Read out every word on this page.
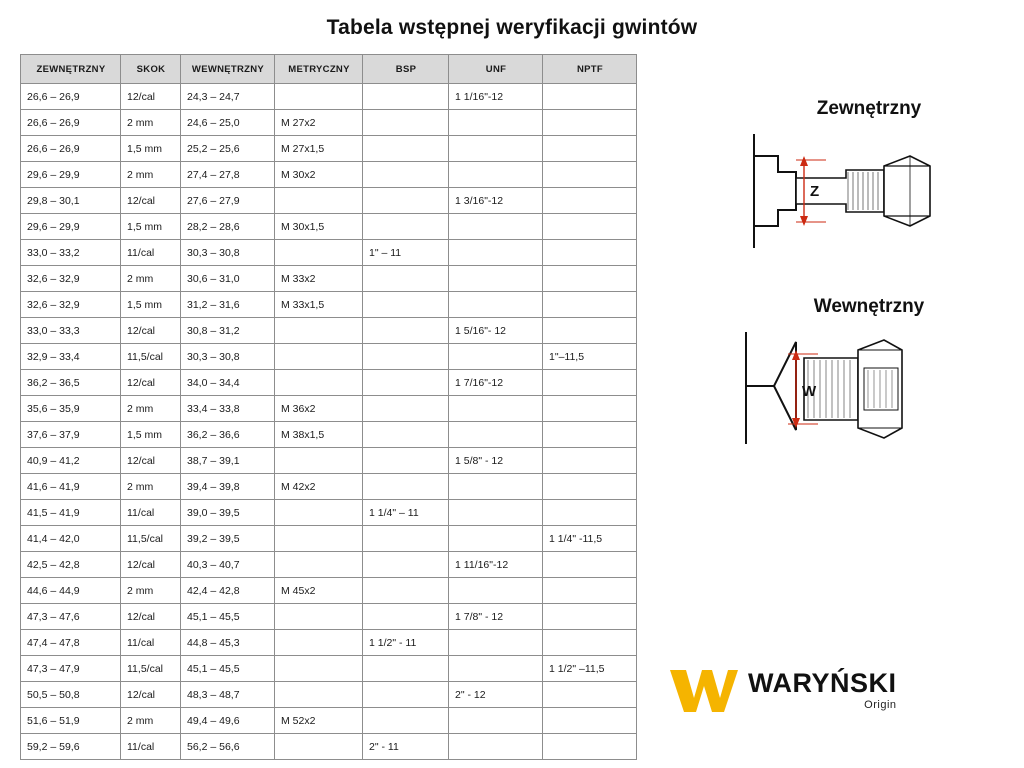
Tabela wstępnej weryfikacji gwintów
ZEWNĘTRZNY	SKOK	WEWNĘTRZNY	METRYCZNY	BSP	UNF	NPTF
26,6 – 26,9	12/cal	24,3 – 24,7			1 1/16"-12	
26,6 – 26,9	2 mm	24,6 – 25,0	M 27x2			
26,6 – 26,9	1,5 mm	25,2 – 25,6	M 27x1,5			
29,6 – 29,9	2 mm	27,4 – 27,8	M 30x2			
29,8 – 30,1	12/cal	27,6 – 27,9			1 3/16"-12	
29,6 – 29,9	1,5 mm	28,2 – 28,6	M 30x1,5			
33,0 – 33,2	11/cal	30,3 – 30,8		1" – 11		
32,6 – 32,9	2 mm	30,6 – 31,0	M 33x2			
32,6 – 32,9	1,5 mm	31,2 – 31,6	M 33x1,5			
33,0 – 33,3	12/cal	30,8 – 31,2			1 5/16"- 12	
32,9 – 33,4	11,5/cal	30,3 – 30,8				1"–11,5
36,2 – 36,5	12/cal	34,0 – 34,4			1 7/16"-12	
35,6 – 35,9	2 mm	33,4 – 33,8	M 36x2			
37,6 – 37,9	1,5 mm	36,2 – 36,6	M 38x1,5			
40,9 – 41,2	12/cal	38,7 – 39,1			1 5/8" - 12	
41,6 – 41,9	2 mm	39,4 – 39,8	M 42x2			
41,5 – 41,9	11/cal	39,0 – 39,5		1 1/4" – 11		
41,4 – 42,0	11,5/cal	39,2 – 39,5				1 1/4" -11,5
42,5 – 42,8	12/cal	40,3 – 40,7			1 11/16"-12	
44,6 – 44,9	2 mm	42,4 – 42,8	M 45x2			
47,3 – 47,6	12/cal	45,1 – 45,5			1 7/8" - 12	
47,4 – 47,8	11/cal	44,8 – 45,3		1 1/2" - 11		
47,3 – 47,9	11,5/cal	45,1 – 45,5				1 1/2" –11,5
50,5 – 50,8	12/cal	48,3 – 48,7			2" - 12	
51,6 – 51,9	2 mm	49,4 – 49,6	M 52x2			
59,2 – 59,6	11/cal	56,2 – 56,6		2" - 11		
Zewnętrzny
Z
Wewnętrzny
W
WARYŃSKI
Origin
